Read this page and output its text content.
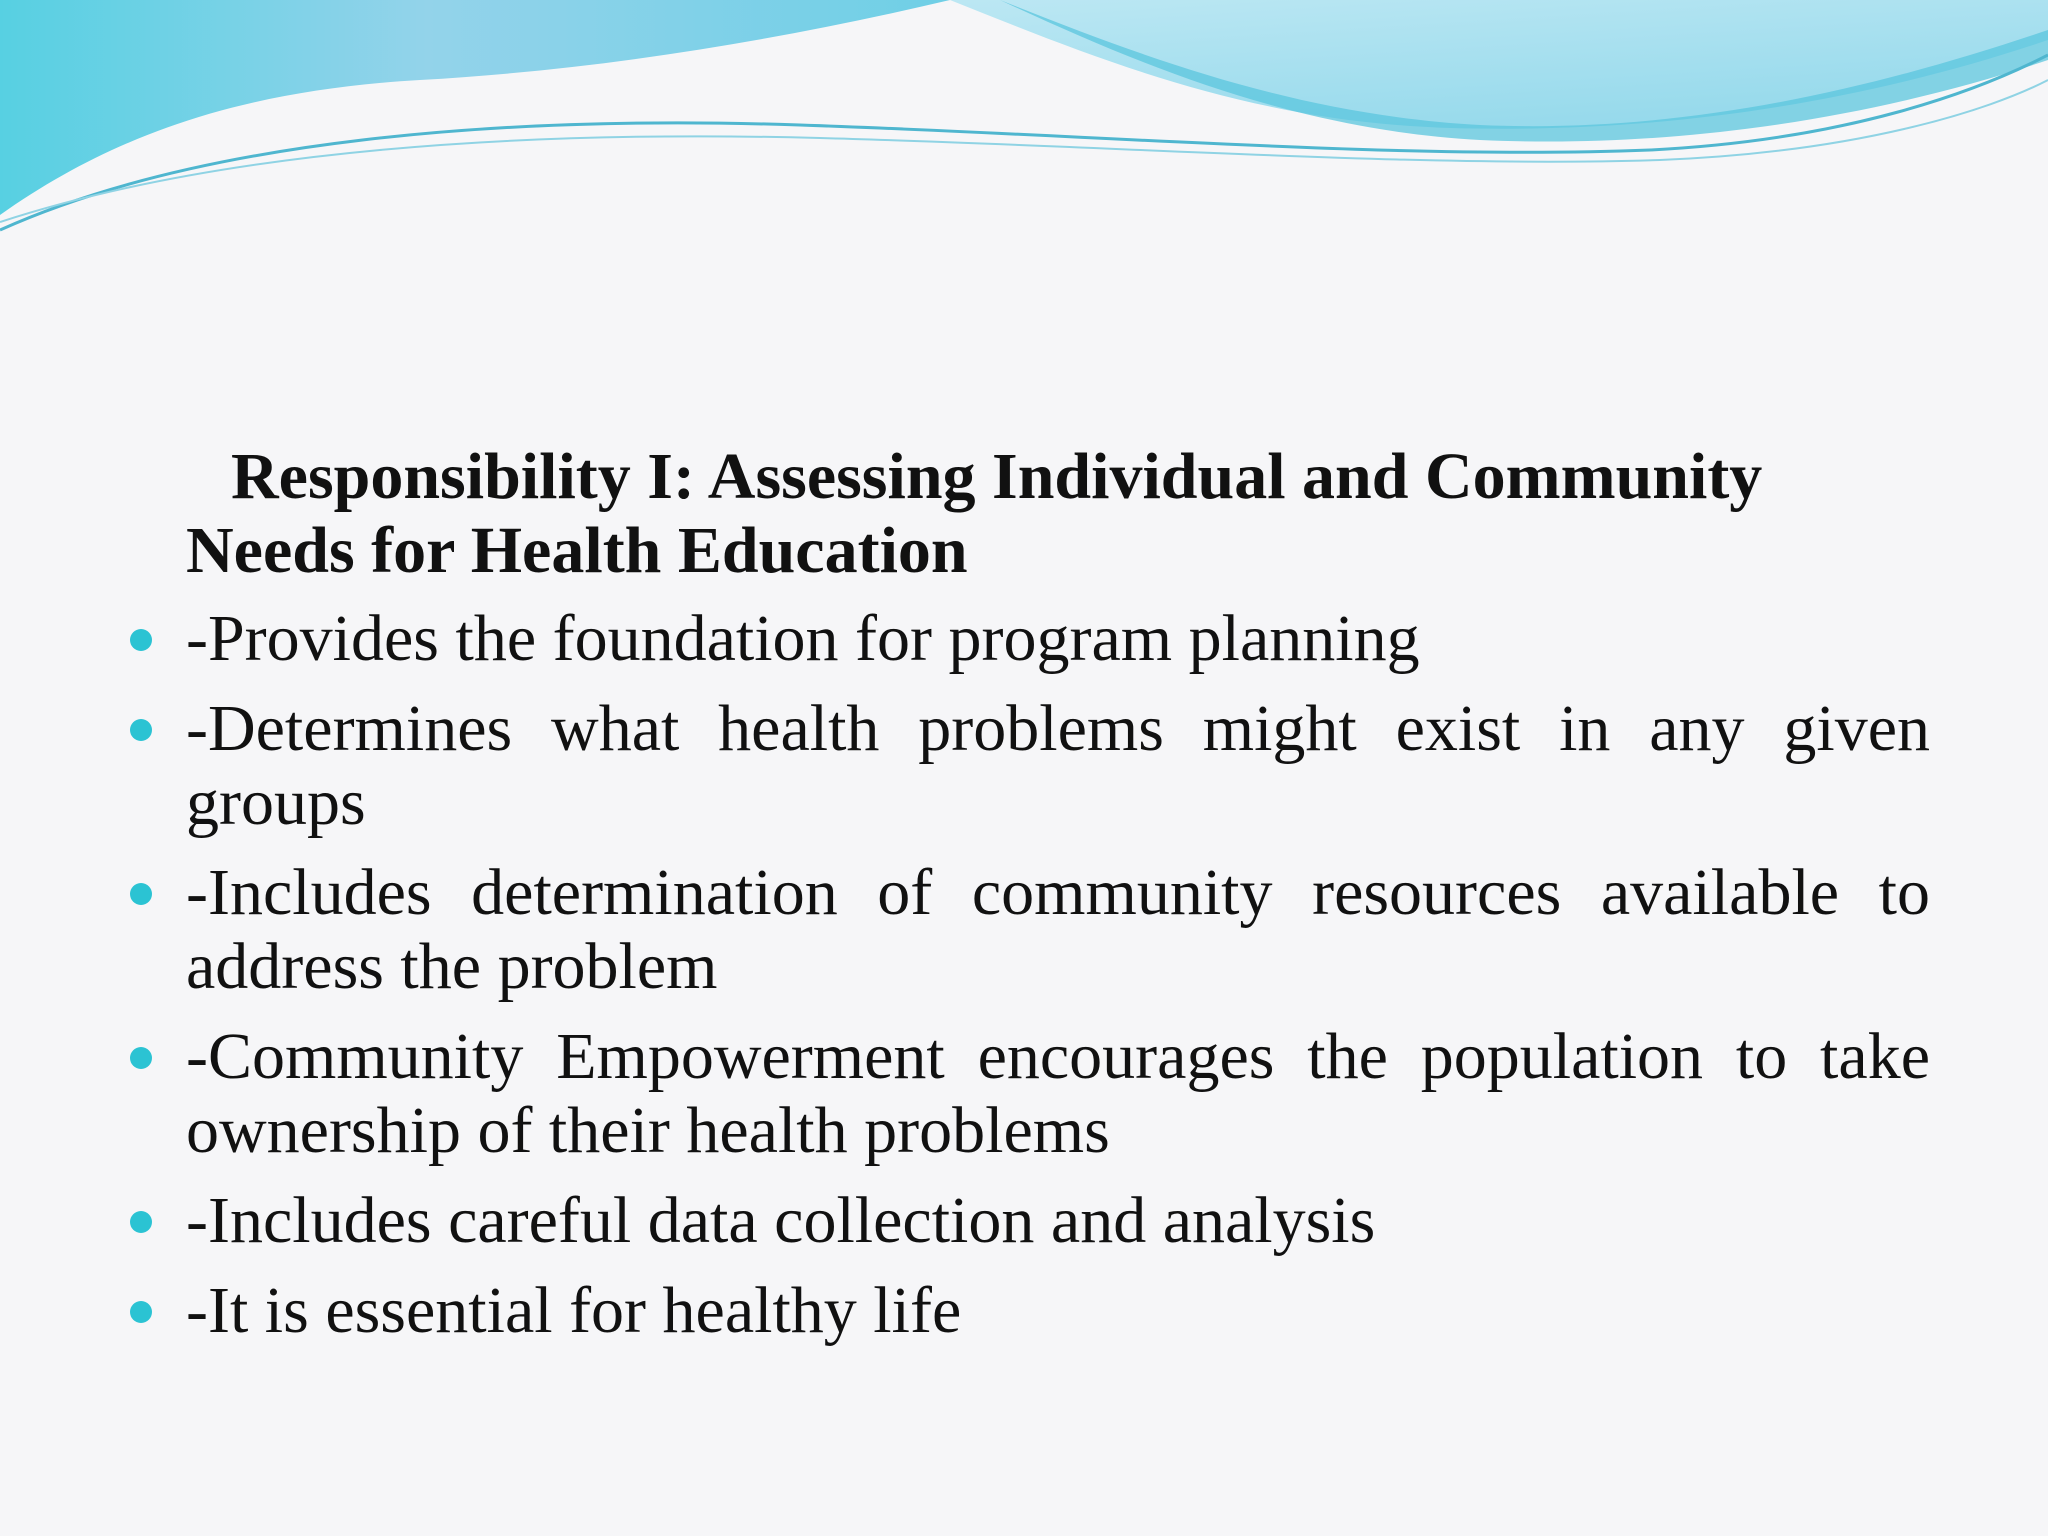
Responsibility I: Assessing Individual and Community
Needs for Health Education
-Provides the foundation for program planning
-Determines what health problems might exist in any given groups
-Includes determination of community resources available to address the problem
-Community Empowerment encourages the population to take ownership of their health problems
-Includes careful data collection and analysis
-It is essential for healthy life
